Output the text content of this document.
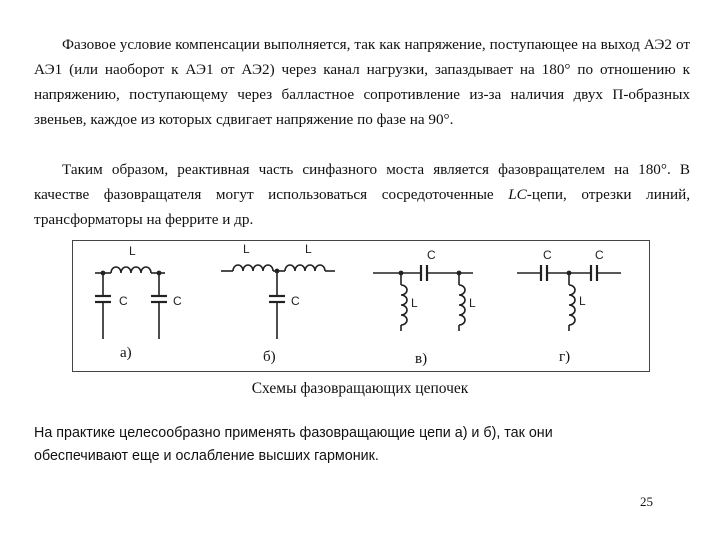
Фазовое условие компенсации выполняется, так как напряжение, поступающее на выход АЭ2 от АЭ1 (или наоборот к АЭ1 от АЭ2) через канал нагрузки, запаздывает на 180° по отношению к напряжению, поступающему через балластное сопротивление из-за наличия двух П-образных звеньев, каждое из которых сдвигает напряжение по фазе на 90°.

Таким образом, реактивная часть синфазного моста является фазовращателем на 180°. В качестве фазовращателя могут использоваться сосредоточенные LC-цепи, отрезки линий, трансформаторы на феррите и др.

L
C	C
L	L
C
C
L	L
C	C
L
а)	б)	в)	г)
Схемы фазовращающих цепочек

На практике целесообразно применять фазовращающие цепи а) и б), так они обеспечивают еще и ослабление высших гармоник.

25
